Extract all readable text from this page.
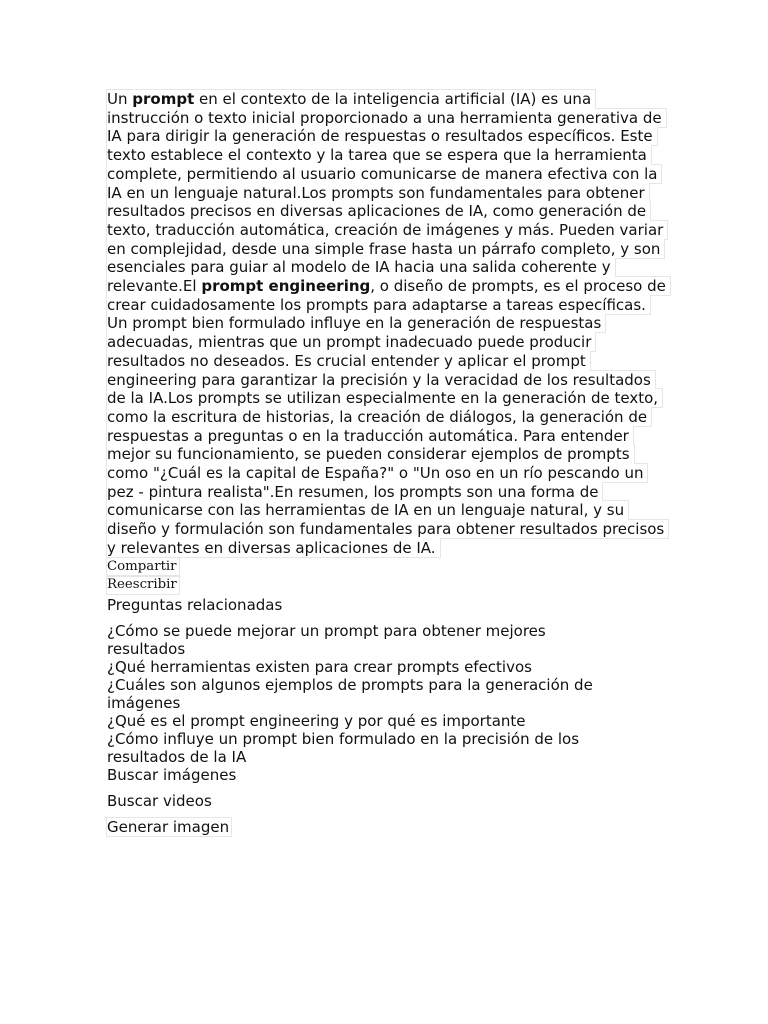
Un prompt en el contexto de la inteligencia artificial (IA) es una instrucción o texto inicial proporcionado a una herramienta generativa de IA para dirigir la generación de respuestas o resultados específicos. Este texto establece el contexto y la tarea que se espera que la herramienta complete, permitiendo al usuario comunicarse de manera efectiva con la IA en un lenguaje natural.Los prompts son fundamentales para obtener resultados precisos en diversas aplicaciones de IA, como generación de texto, traducción automática, creación de imágenes y más. Pueden variar en complejidad, desde una simple frase hasta un párrafo completo, y son esenciales para guiar al modelo de IA hacia una salida coherente y relevante.El prompt engineering, o diseño de prompts, es el proceso de crear cuidadosamente los prompts para adaptarse a tareas específicas. Un prompt bien formulado influye en la generación de respuestas adecuadas, mientras que un prompt inadecuado puede producir resultados no deseados. Es crucial entender y aplicar el prompt engineering para garantizar la precisión y la veracidad de los resultados de la IA.Los prompts se utilizan especialmente en la generación de texto, como la escritura de historias, la creación de diálogos, la generación de respuestas a preguntas o en la traducción automática. Para entender mejor su funcionamiento, se pueden considerar ejemplos de prompts como "¿Cuál es la capital de España?" o "Un oso en un río pescando un pez - pintura realista".En resumen, los prompts son una forma de comunicarse con las herramientas de IA en un lenguaje natural, y su diseño y formulación son fundamentales para obtener resultados precisos y relevantes en diversas aplicaciones de IA.

Compartir
Reescribir
Preguntas relacionadas
¿Cómo se puede mejorar un prompt para obtener mejores resultados
¿Qué herramientas existen para crear prompts efectivos
¿Cuáles son algunos ejemplos de prompts para la generación de imágenes
¿Qué es el prompt engineering y por qué es importante
¿Cómo influye un prompt bien formulado en la precisión de los resultados de la IA
Buscar imágenes
Buscar videos
Generar imagen
